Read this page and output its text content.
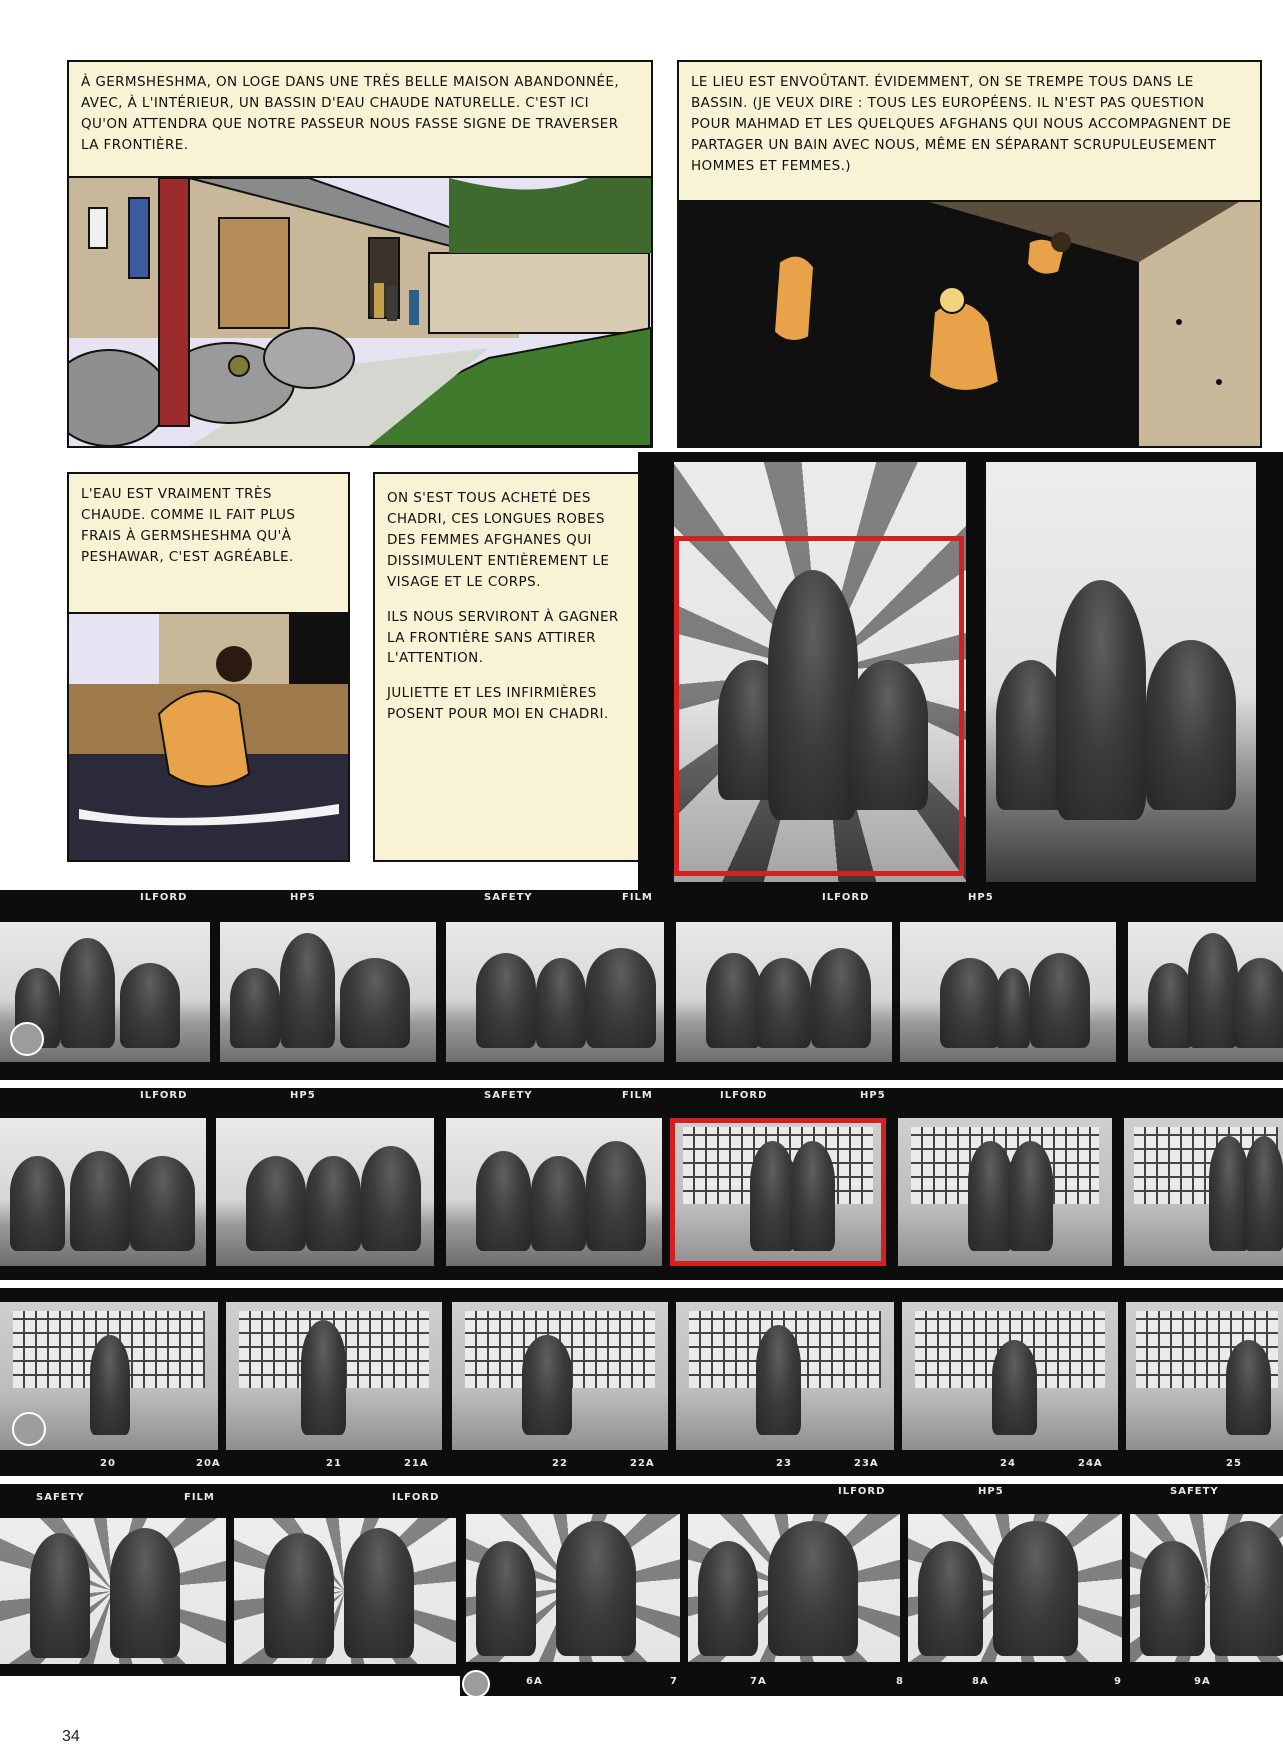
À GERMSHESHMA, ON LOGE DANS UNE TRÈS BELLE MAISON ABANDONNÉE, AVEC, À L'INTÉRIEUR, UN BASSIN D'EAU CHAUDE NATURELLE. C'EST ICI QU'ON ATTENDRA QUE NOTRE PASSEUR NOUS FASSE SIGNE DE TRAVERSER LA FRONTIÈRE.
LE LIEU EST ENVOÛTANT. ÉVIDEMMENT, ON SE TREMPE TOUS DANS LE BASSIN. (JE VEUX DIRE : TOUS LES EUROPÉENS. IL N'EST PAS QUESTION POUR MAHMAD ET LES QUELQUES AFGHANS QUI NOUS ACCOMPAGNENT DE PARTAGER UN BAIN AVEC NOUS, MÊME EN SÉPARANT SCRUPULEUSEMENT HOMMES ET FEMMES.)
L'EAU EST VRAIMENT TRÈS CHAUDE. COMME IL FAIT PLUS FRAIS À GERMSHESHMA QU'À PESHAWAR, C'EST AGRÉABLE.

ON S'EST TOUS ACHETÉ DES CHADRI, CES LONGUES ROBES DES FEMMES AFGHANES QUI DISSIMULENT ENTIÈREMENT LE VISAGE ET LE CORPS.

ILS NOUS SERVIRONT À GAGNER LA FRONTIÈRE SANS ATTIRER L'ATTENTION.

JULIETTE ET LES INFIRMIÈRES POSENT POUR MOI EN CHADRI.

ILFORD	HP5	SAFETY	FILM	ILFORD	HP5
ILFORD	HP5	SAFETY	FILM	ILFORD	HP5
20	20A	21	21A	22	22A	23	23A	24	24A	25
SAFETY	FILM	ILFORD
ILFORD	HP5	SAFETY
6A	7	7A	8	8A	9	9A
34
